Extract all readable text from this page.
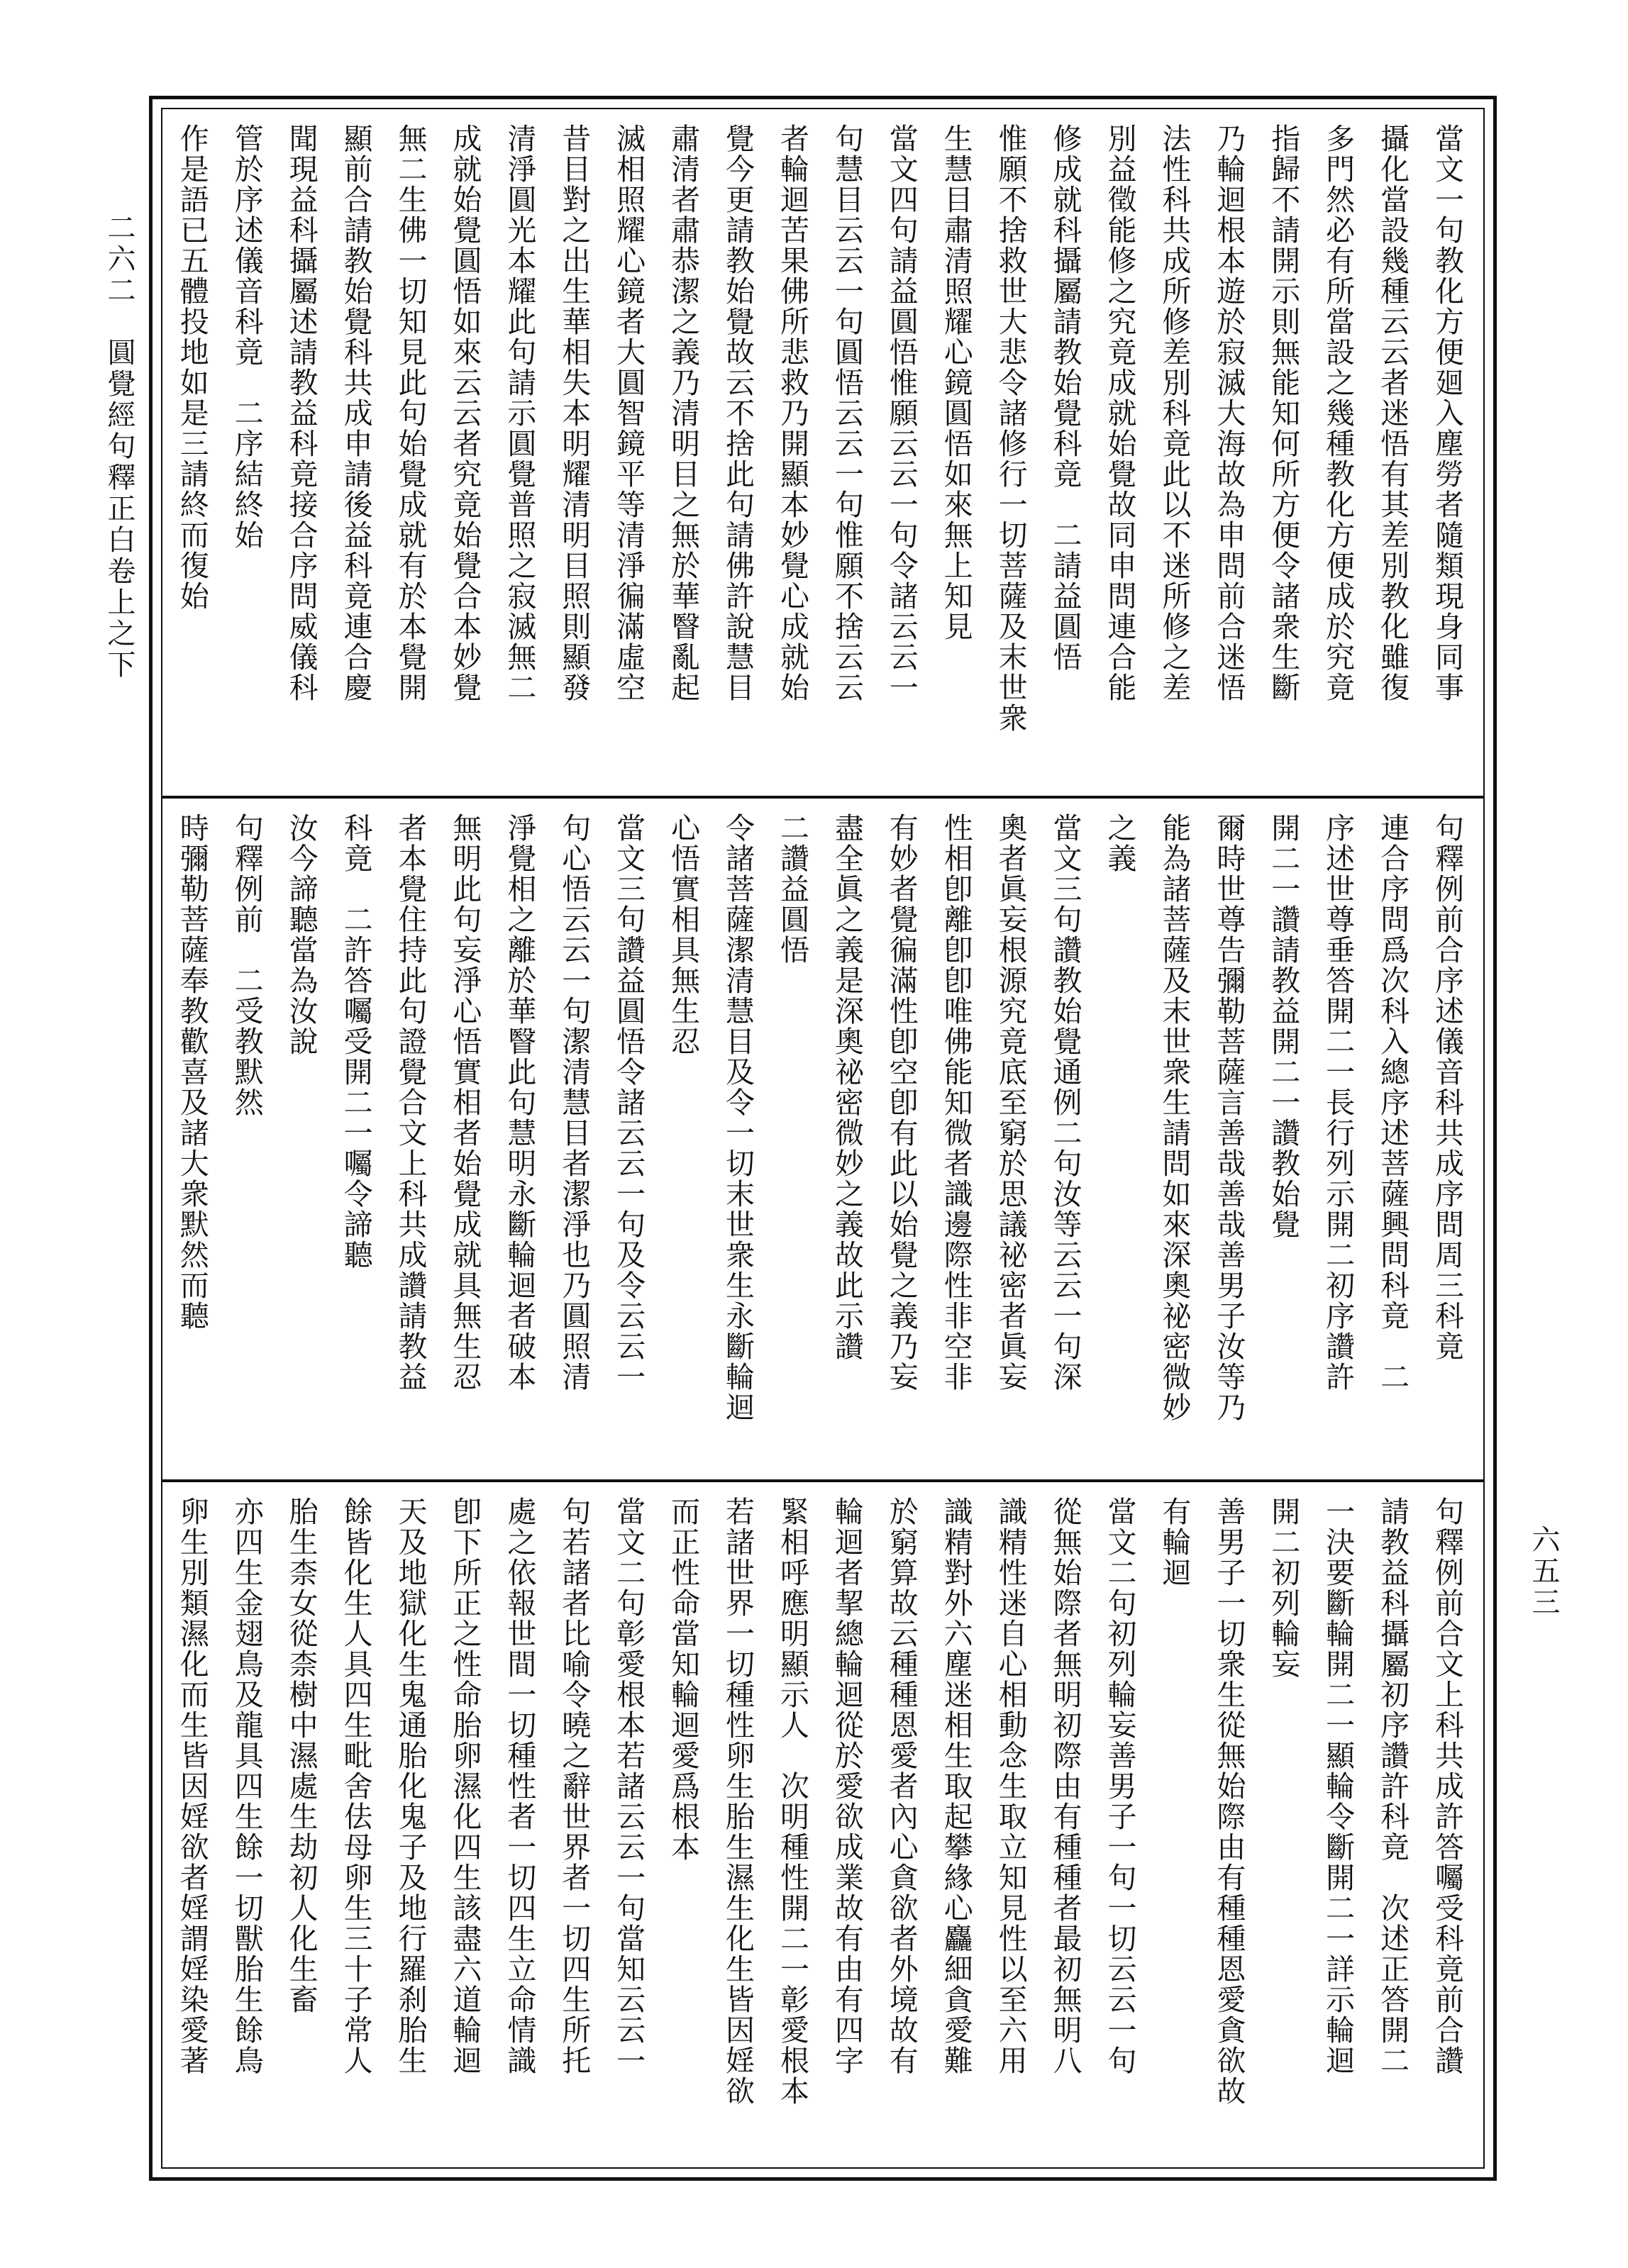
二六二　圓覺經句釋正白卷上之下
六五三
當文一句教化方便廻入塵勞者隨類現身同事
攝化當設幾種云云者迷悟有其差別教化雖復
多門然必有所當設之幾種教化方便成於究竟
指歸不請開示則無能知何所方便令諸衆生斷
乃輪迴根本遊於寂滅大海故為申問前合迷悟
法性科共成所修差別科竟此以不迷所修之差
別益徵能修之究竟成就始覺故同申問連合能
修成就科攝屬請教始覺科竟　二請益圓悟
惟願不捨救世大悲令諸修行一切菩薩及末世衆
生慧目肅清照耀心鏡圓悟如來無上知見
當文四句請益圓悟惟願云云一句令諸云云一
句慧目云云一句圓悟云云一句惟願不捨云云
者輪迴苦果佛所悲救乃開顯本妙覺心成就始
覺今更請教始覺故云不捨此句請佛許說慧目
肅清者肅恭潔之義乃清明目之無於華瞖亂起
滅相照耀心鏡者大圓智鏡平等清淨徧滿虛空
昔目對之出生華相失本明耀清明目照則顯發
清淨圓光本耀此句請示圓覺普照之寂滅無二
成就始覺圓悟如來云云者究竟始覺合本妙覺
無二生佛一切知見此句始覺成就有於本覺開
顯前合請教始覺科共成申請後益科竟連合慶
聞現益科攝屬述請教益科竟接合序問威儀科
管於序述儀音科竟　二序結終始
作是語已五體投地如是三請終而復始
句釋例前合序述儀音科共成序問周三科竟
連合序問爲次科入總序述菩薩興問科竟　二
序述世尊垂答開二一長行列示開二初序讚許
開二一讚請教益開二一讚教始覺
爾時世尊告彌勒菩薩言善哉善哉善男子汝等乃
能為諸菩薩及末世衆生請問如來深奧祕密微妙
之義
當文三句讚教始覺通例二句汝等云云一句深
奧者眞妄根源究竟底至窮於思議祕密者眞妄
性相卽離卽卽唯佛能知微者識邊際性非空非
有妙者覺徧滿性卽空卽有此以始覺之義乃妄
盡全眞之義是深奧祕密微妙之義故此示讚
二讚益圓悟
令諸菩薩潔清慧目及令一切末世衆生永斷輪迴
心悟實相具無生忍
當文三句讚益圓悟令諸云云一句及令云云一
句心悟云云一句潔清慧目者潔淨也乃圓照清
淨覺相之離於華瞖此句慧明永斷輪迴者破本
無明此句妄淨心悟實相者始覺成就具無生忍
者本覺住持此句證覺合文上科共成讚請教益
科竟　二許答囑受開二一囑令諦聽
汝今諦聽當為汝說
句釋例前　二受教默然
時彌勒菩薩奉教歡喜及諸大衆默然而聽
句釋例前合文上科共成許答囑受科竟前合讚
請教益科攝屬初序讚許科竟　次述正答開二
一決要斷輪開二一顯輪令斷開二一詳示輪迴
開二初列輪妄
善男子一切衆生從無始際由有種種恩愛貪欲故
有輪迴
當文二句初列輪妄善男子一句一切云云一句
從無始際者無明初際由有種種者最初無明八
識精性迷自心相動念生取立知見性以至六用
識精對外六塵迷相生取起攀緣心麤細貪愛難
於窮算故云種種恩愛者內心貪欲者外境故有
輪迴者挈總輪迴從於愛欲成業故有由有四字
緊相呼應明顯示人　次明種性開二一彰愛根本
若諸世界一切種性卵生胎生濕生化生皆因婬欲
而正性命當知輪迴愛爲根本
當文二句彰愛根本若諸云云一句當知云云一
句若諸者比喻令曉之辭世界者一切四生所托
處之依報世間一切種性者一切四生立命情識
卽下所正之性命胎卵濕化四生該盡六道輪迴
天及地獄化生鬼通胎化鬼子及地行羅刹胎生
餘皆化生人具四生毗舍佉母卵生三十子常人
胎生柰女從柰樹中濕處生劫初人化生畜
亦四生金翅鳥及龍具四生餘一切獸胎生餘鳥
卵生別類濕化而生皆因婬欲者婬謂婬染愛著
